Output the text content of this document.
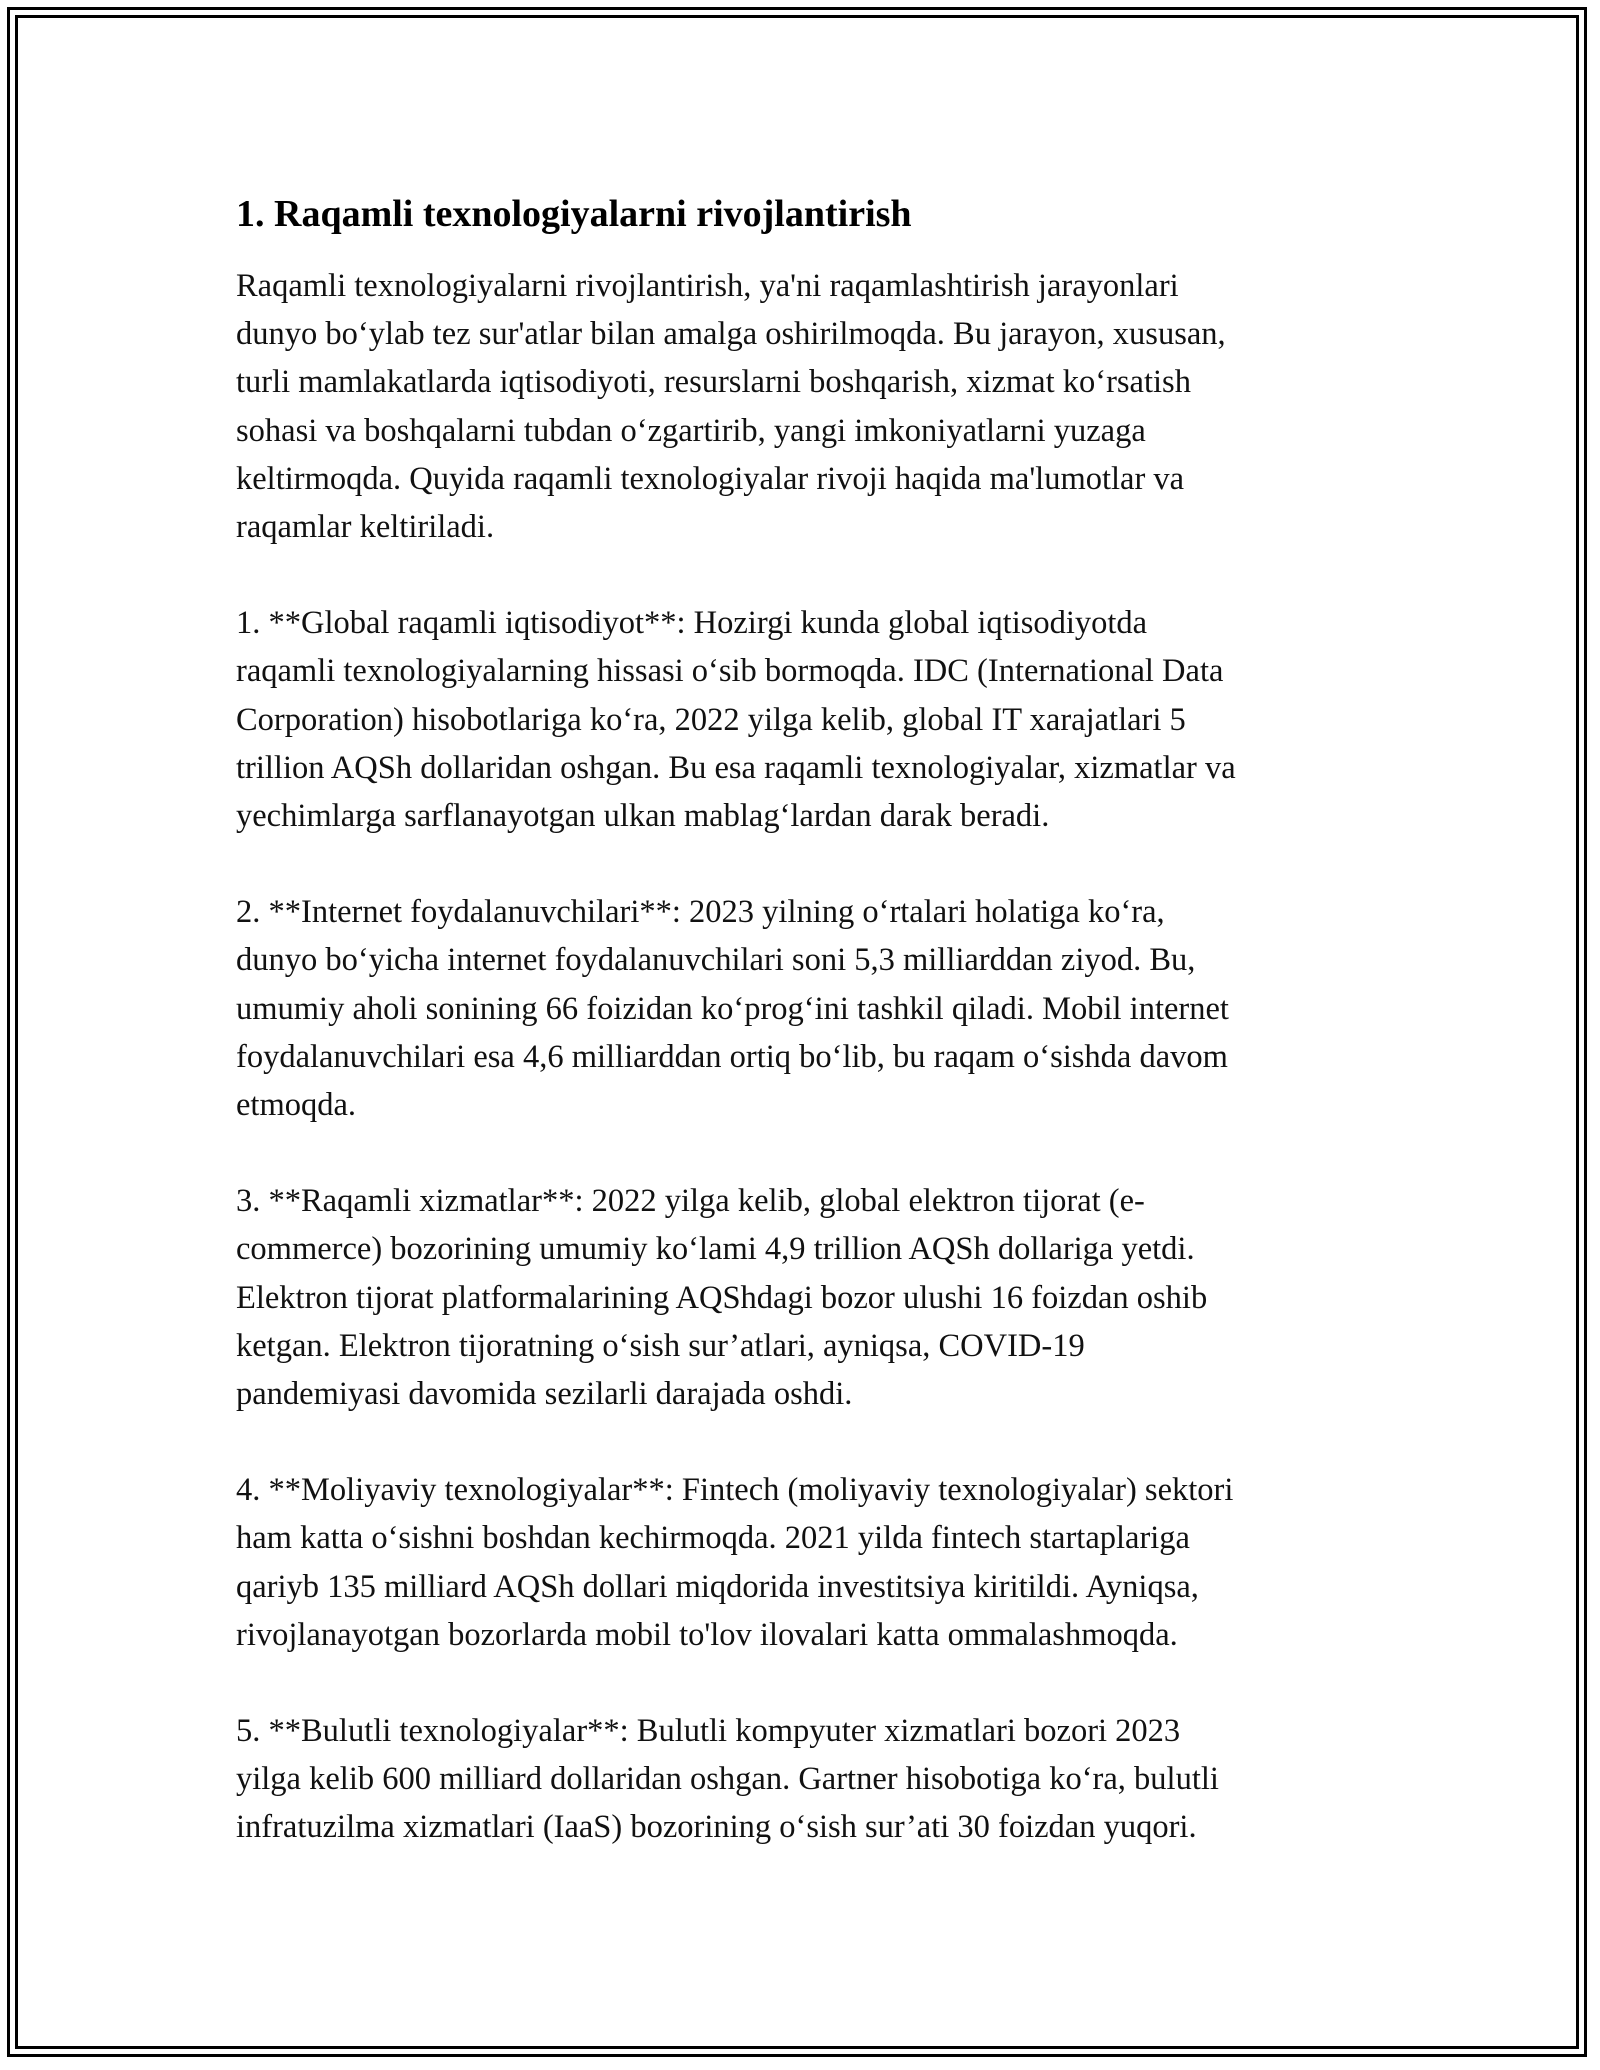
1. Raqamli texnologiyalarni rivojlantirish

Raqamli texnologiyalarni rivojlantirish, ya'ni raqamlashtirish jarayonlari
dunyo bo‘ylab tez sur'atlar bilan amalga oshirilmoqda. Bu jarayon, xususan,
turli mamlakatlarda iqtisodiyoti, resurslarni boshqarish, xizmat ko‘rsatish
sohasi va boshqalarni tubdan o‘zgartirib, yangi imkoniyatlarni yuzaga
keltirmoqda. Quyida raqamli texnologiyalar rivoji haqida ma'lumotlar va
raqamlar keltiriladi.

1. **Global raqamli iqtisodiyot**: Hozirgi kunda global iqtisodiyotda
raqamli texnologiyalarning hissasi o‘sib bormoqda. IDC (International Data
Corporation) hisobotlariga ko‘ra, 2022 yilga kelib, global IT xarajatlari 5
trillion AQSh dollaridan oshgan. Bu esa raqamli texnologiyalar, xizmatlar va
yechimlarga sarflanayotgan ulkan mablag‘lardan darak beradi.

2. **Internet foydalanuvchilari**: 2023 yilning o‘rtalari holatiga ko‘ra,
dunyo bo‘yicha internet foydalanuvchilari soni 5,3 milliarddan ziyod. Bu,
umumiy aholi sonining 66 foizidan ko‘prog‘ini tashkil qiladi. Mobil internet
foydalanuvchilari esa 4,6 milliarddan ortiq bo‘lib, bu raqam o‘sishda davom
etmoqda.

3. **Raqamli xizmatlar**: 2022 yilga kelib, global elektron tijorat (e-
commerce) bozorining umumiy ko‘lami 4,9 trillion AQSh dollariga yetdi.
Elektron tijorat platformalarining AQShdagi bozor ulushi 16 foizdan oshib
ketgan. Elektron tijoratning o‘sish sur’atlari, ayniqsa, COVID-19
pandemiyasi davomida sezilarli darajada oshdi.

4. **Moliyaviy texnologiyalar**: Fintech (moliyaviy texnologiyalar) sektori
ham katta o‘sishni boshdan kechirmoqda. 2021 yilda fintech startaplariga
qariyb 135 milliard AQSh dollari miqdorida investitsiya kiritildi. Ayniqsa,
rivojlanayotgan bozorlarda mobil to'lov ilovalari katta ommalashmoqda.

5. **Bulutli texnologiyalar**: Bulutli kompyuter xizmatlari bozori 2023
yilga kelib 600 milliard dollaridan oshgan. Gartner hisobotiga ko‘ra, bulutli
infratuzilma xizmatlari (IaaS) bozorining o‘sish sur’ati 30 foizdan yuqori.
